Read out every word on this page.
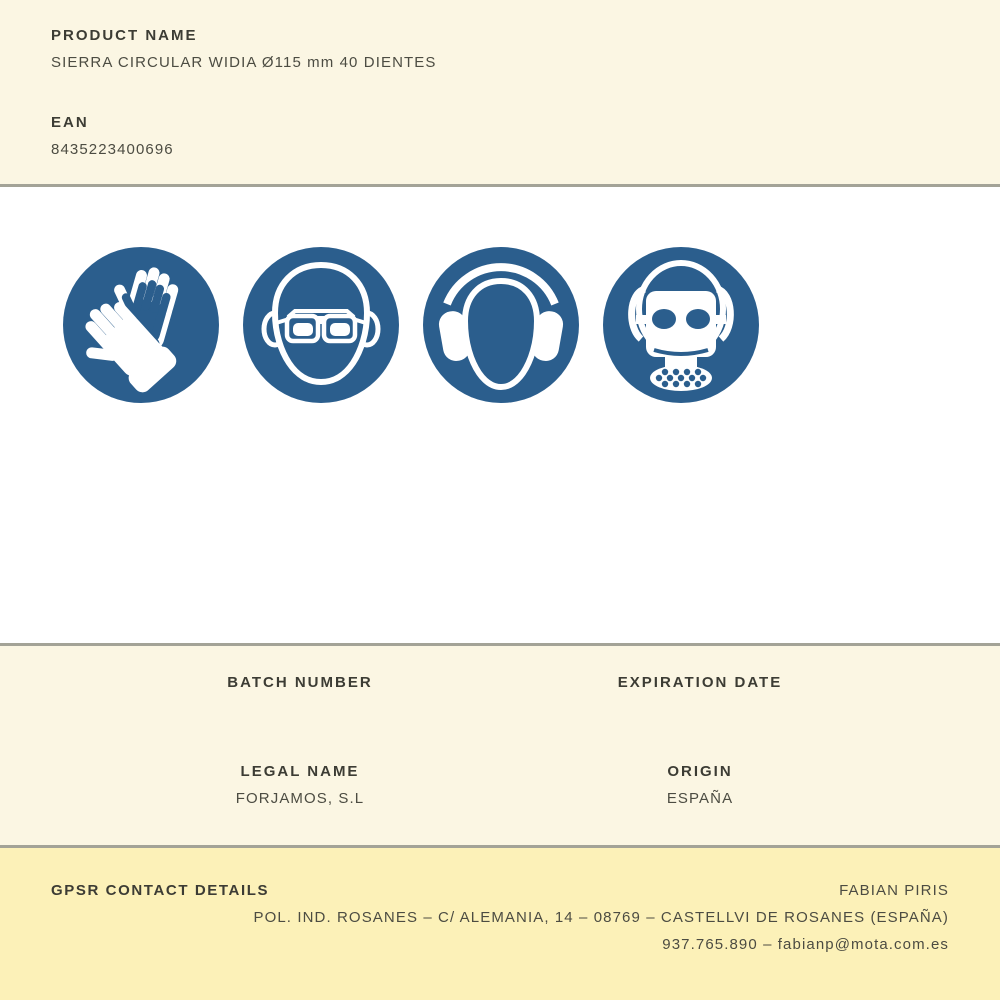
PRODUCT NAME
SIERRA CIRCULAR WIDIA Ø115 mm 40 DIENTES
EAN
8435223400696
BATCH NUMBER	EXPIRATION DATE
LEGAL NAME
FORJAMOS, S.L
ORIGIN
ESPAÑA
GPSR CONTACT DETAILS	FABIAN PIRIS
POL. IND. ROSANES – C/ ALEMANIA, 14 – 08769 – CASTELLVI DE ROSANES (ESPAÑA)
937.765.890 – fabianp@mota.com.es
